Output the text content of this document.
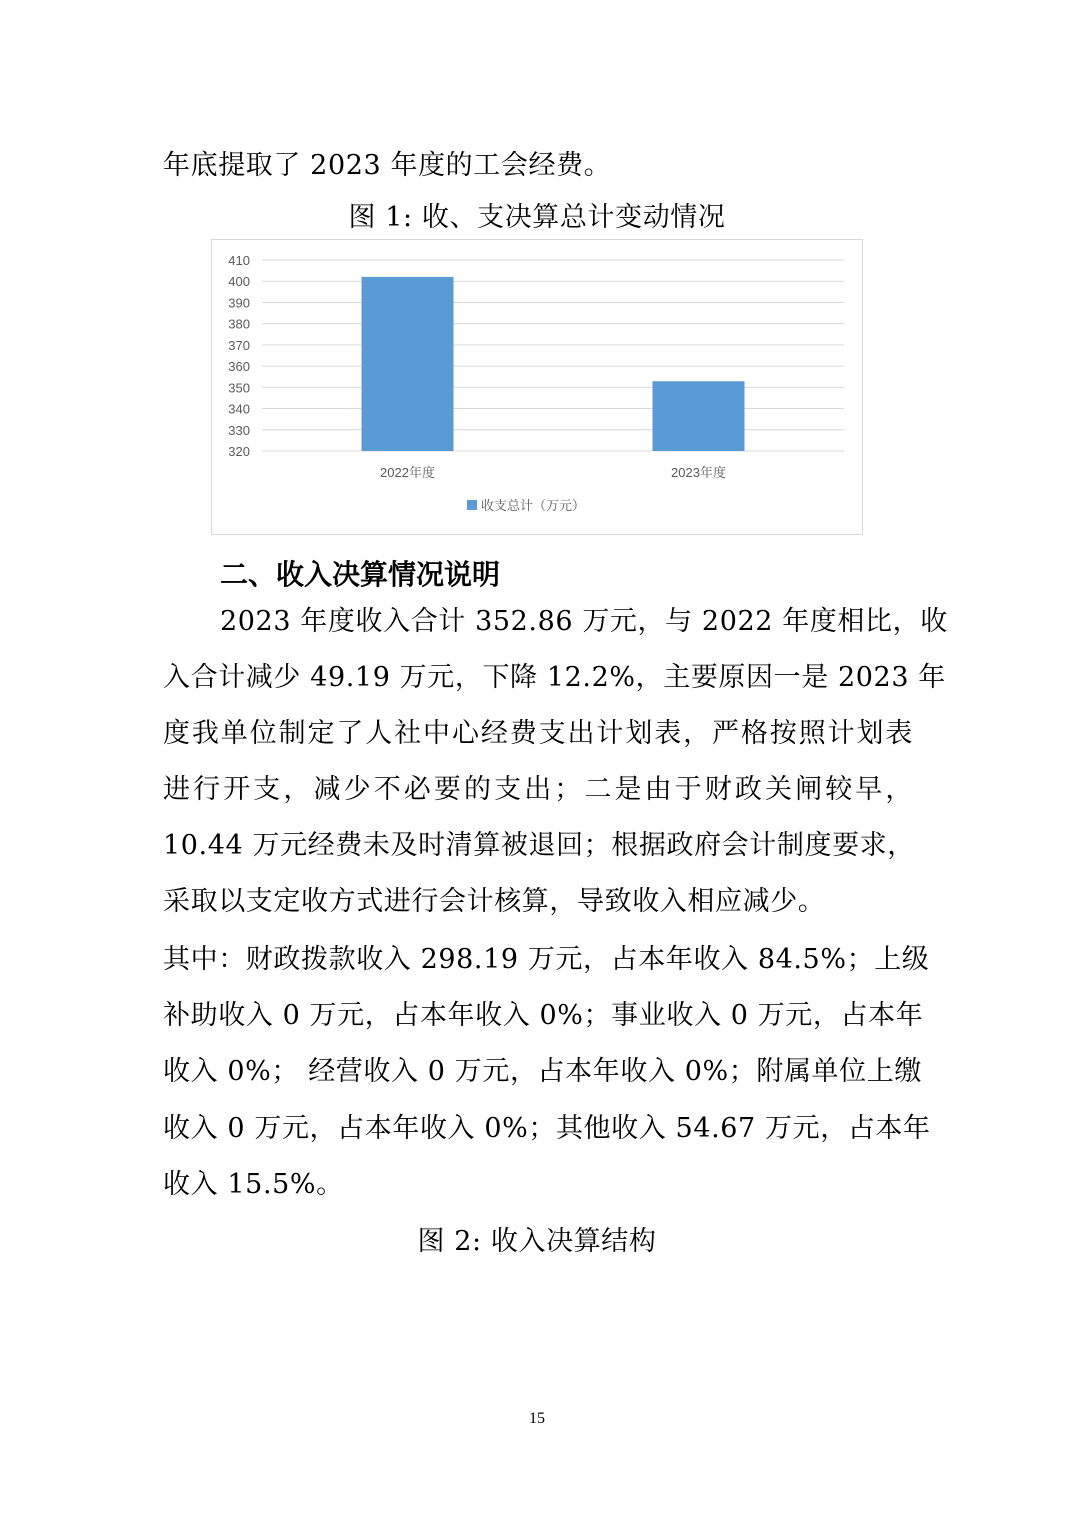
年底提取了 2023 年度的工会经费。
图 1: 收、支决算总计变动情况
320
330
340
350
360
370
380
390
400
410
2022年度	2023年度
收支总计（万元）
二、收入决算情况说明
2023 年度收入合计 352.86 万元，与 2022 年度相比，收
入合计减少 49.19 万元，下降 12.2%，主要原因一是 2023 年
度我单位制定了人社中心经费支出计划表，严格按照计划表
进行开支，减少不必要的支出；二是由于财政关闸较早，
10.44 万元经费未及时清算被退回；根据政府会计制度要求，
采取以支定收方式进行会计核算，导致收入相应减少。
其中：财政拨款收入 298.19 万元，占本年收入 84.5%；上级
补助收入 0 万元，占本年收入 0%；事业收入 0 万元，占本年
收入 0%； 经营收入 0 万元，占本年收入 0%；附属单位上缴
收入 0 万元，占本年收入 0%；其他收入 54.67 万元，占本年
收入 15.5%。
图 2: 收入决算结构
15
